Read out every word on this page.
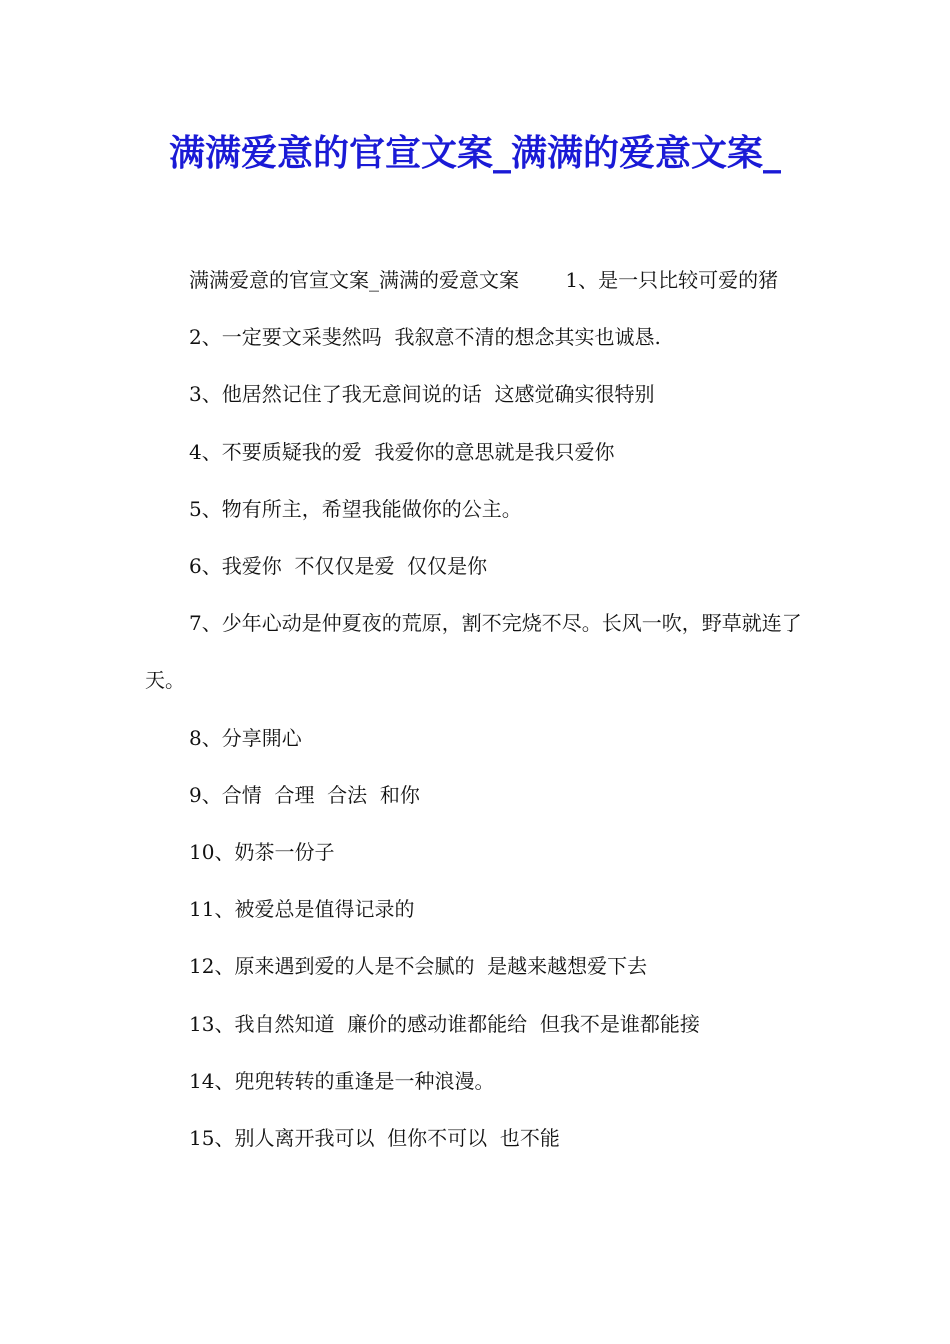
满满爱意的官宣文案_满满的爱意文案_

满满爱意的官宣文案_满满的爱意文案　　 1、是一只比较可爱的猪

2、一定要文采斐然吗  我叙意不清的想念其实也诚恳.

3、他居然记住了我无意间说的话  这感觉确实很特别

4、不要质疑我的爱  我爱你的意思就是我只爱你

5、物有所主，希望我能做你的公主。

6、我爱你  不仅仅是爱  仅仅是你

7、少年心动是仲夏夜的荒原，割不完烧不尽。长风一吹，野草就连了天。

8、分享開心

9、合情  合理  合法  和你

10、奶茶一份子

11、被爱总是值得记录的

12、原来遇到爱的人是不会腻的  是越来越想爱下去

13、我自然知道  廉价的感动谁都能给  但我不是谁都能接

14、兜兜转转的重逢是一种浪漫。

15、别人离开我可以  但你不可以  也不能
